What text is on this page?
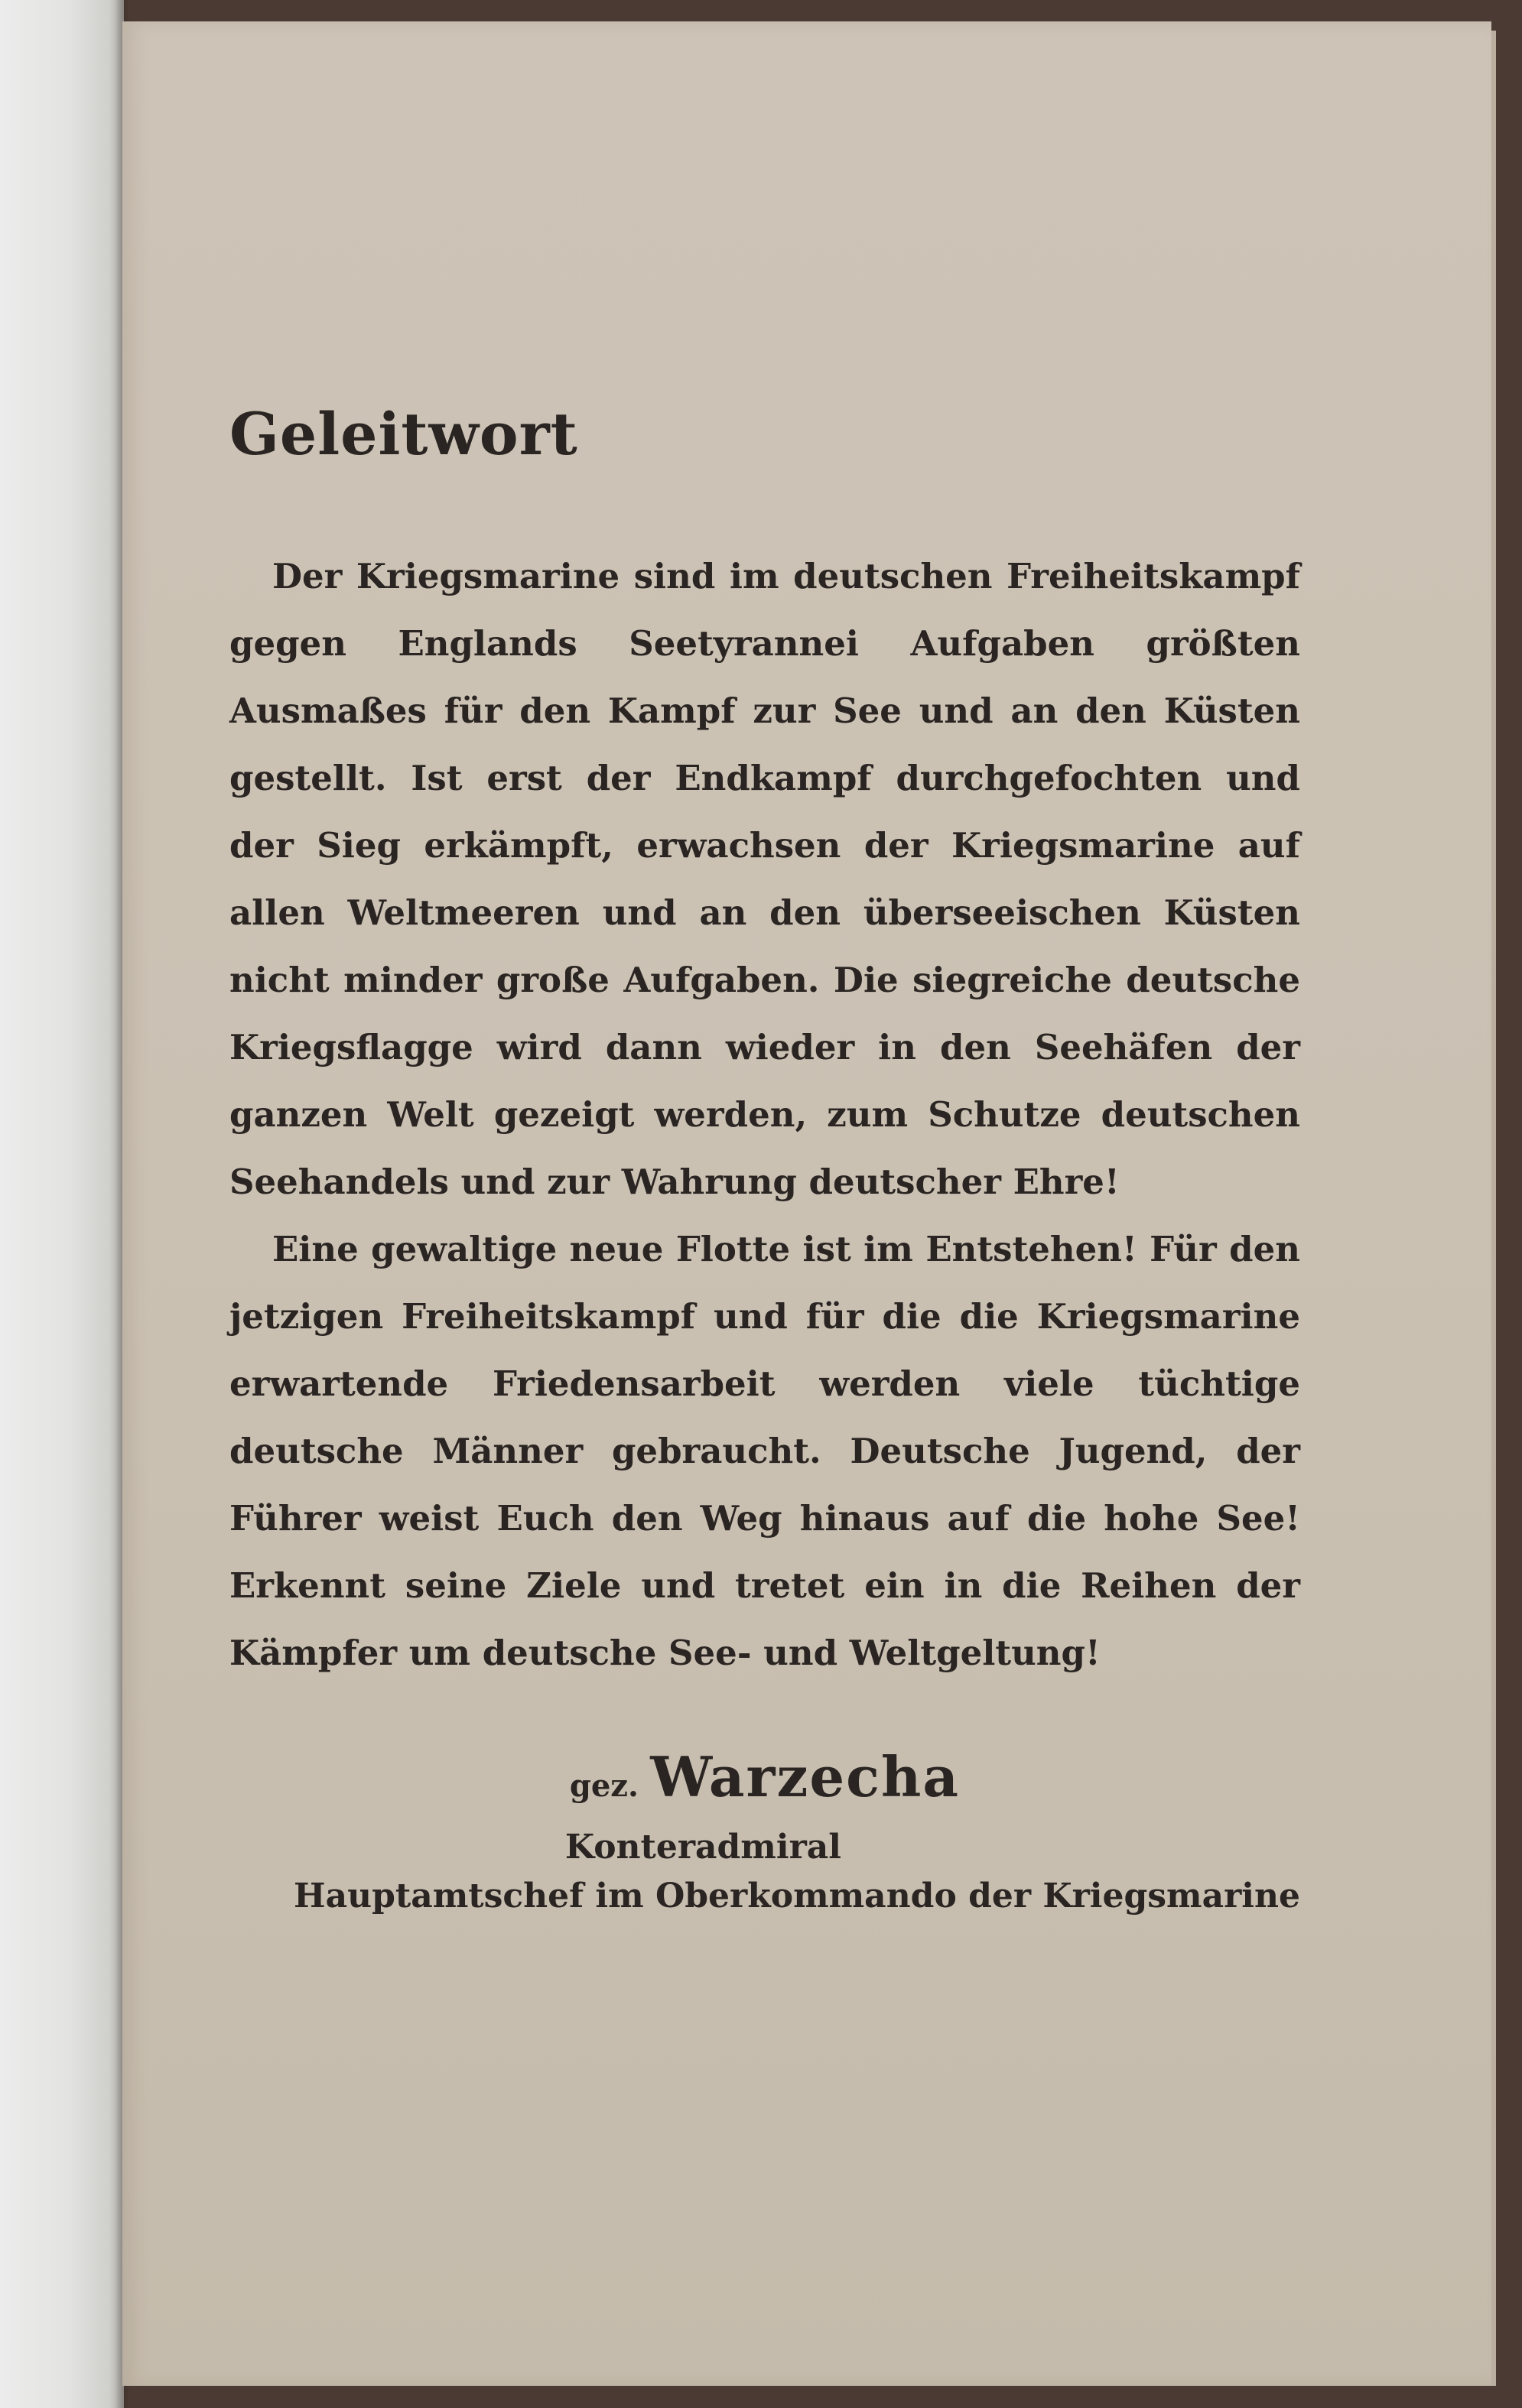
Geleitwort

Der Kriegsmarine sind im deutschen Freiheitskampf gegen Englands Seetyrannei Aufgaben größten Ausmaßes für den Kampf zur See und an den Küsten gestellt. Ist erst der Endkampf durchgefochten und der Sieg erkämpft, erwachsen der Kriegsmarine auf allen Weltmeeren und an den überseeischen Küsten nicht minder große Aufgaben. Die siegreiche deutsche Kriegsflagge wird dann wieder in den Seehäfen der ganzen Welt gezeigt werden, zum Schutze deutschen Seehandels und zur Wahrung deutscher Ehre!

Eine gewaltige neue Flotte ist im Entstehen! Für den jetzigen Freiheitskampf und für die die Kriegsmarine erwartende Friedensarbeit werden viele tüchtige deutsche Männer gebraucht. Deutsche Jugend, der Führer weist Euch den Weg hinaus auf die hohe See! Erkennt seine Ziele und tretet ein in die Reihen der Kämpfer um deutsche See- und Weltgeltung!

gez. Warzecha
Konteradmiral
Hauptamtschef im Oberkommando der Kriegsmarine
